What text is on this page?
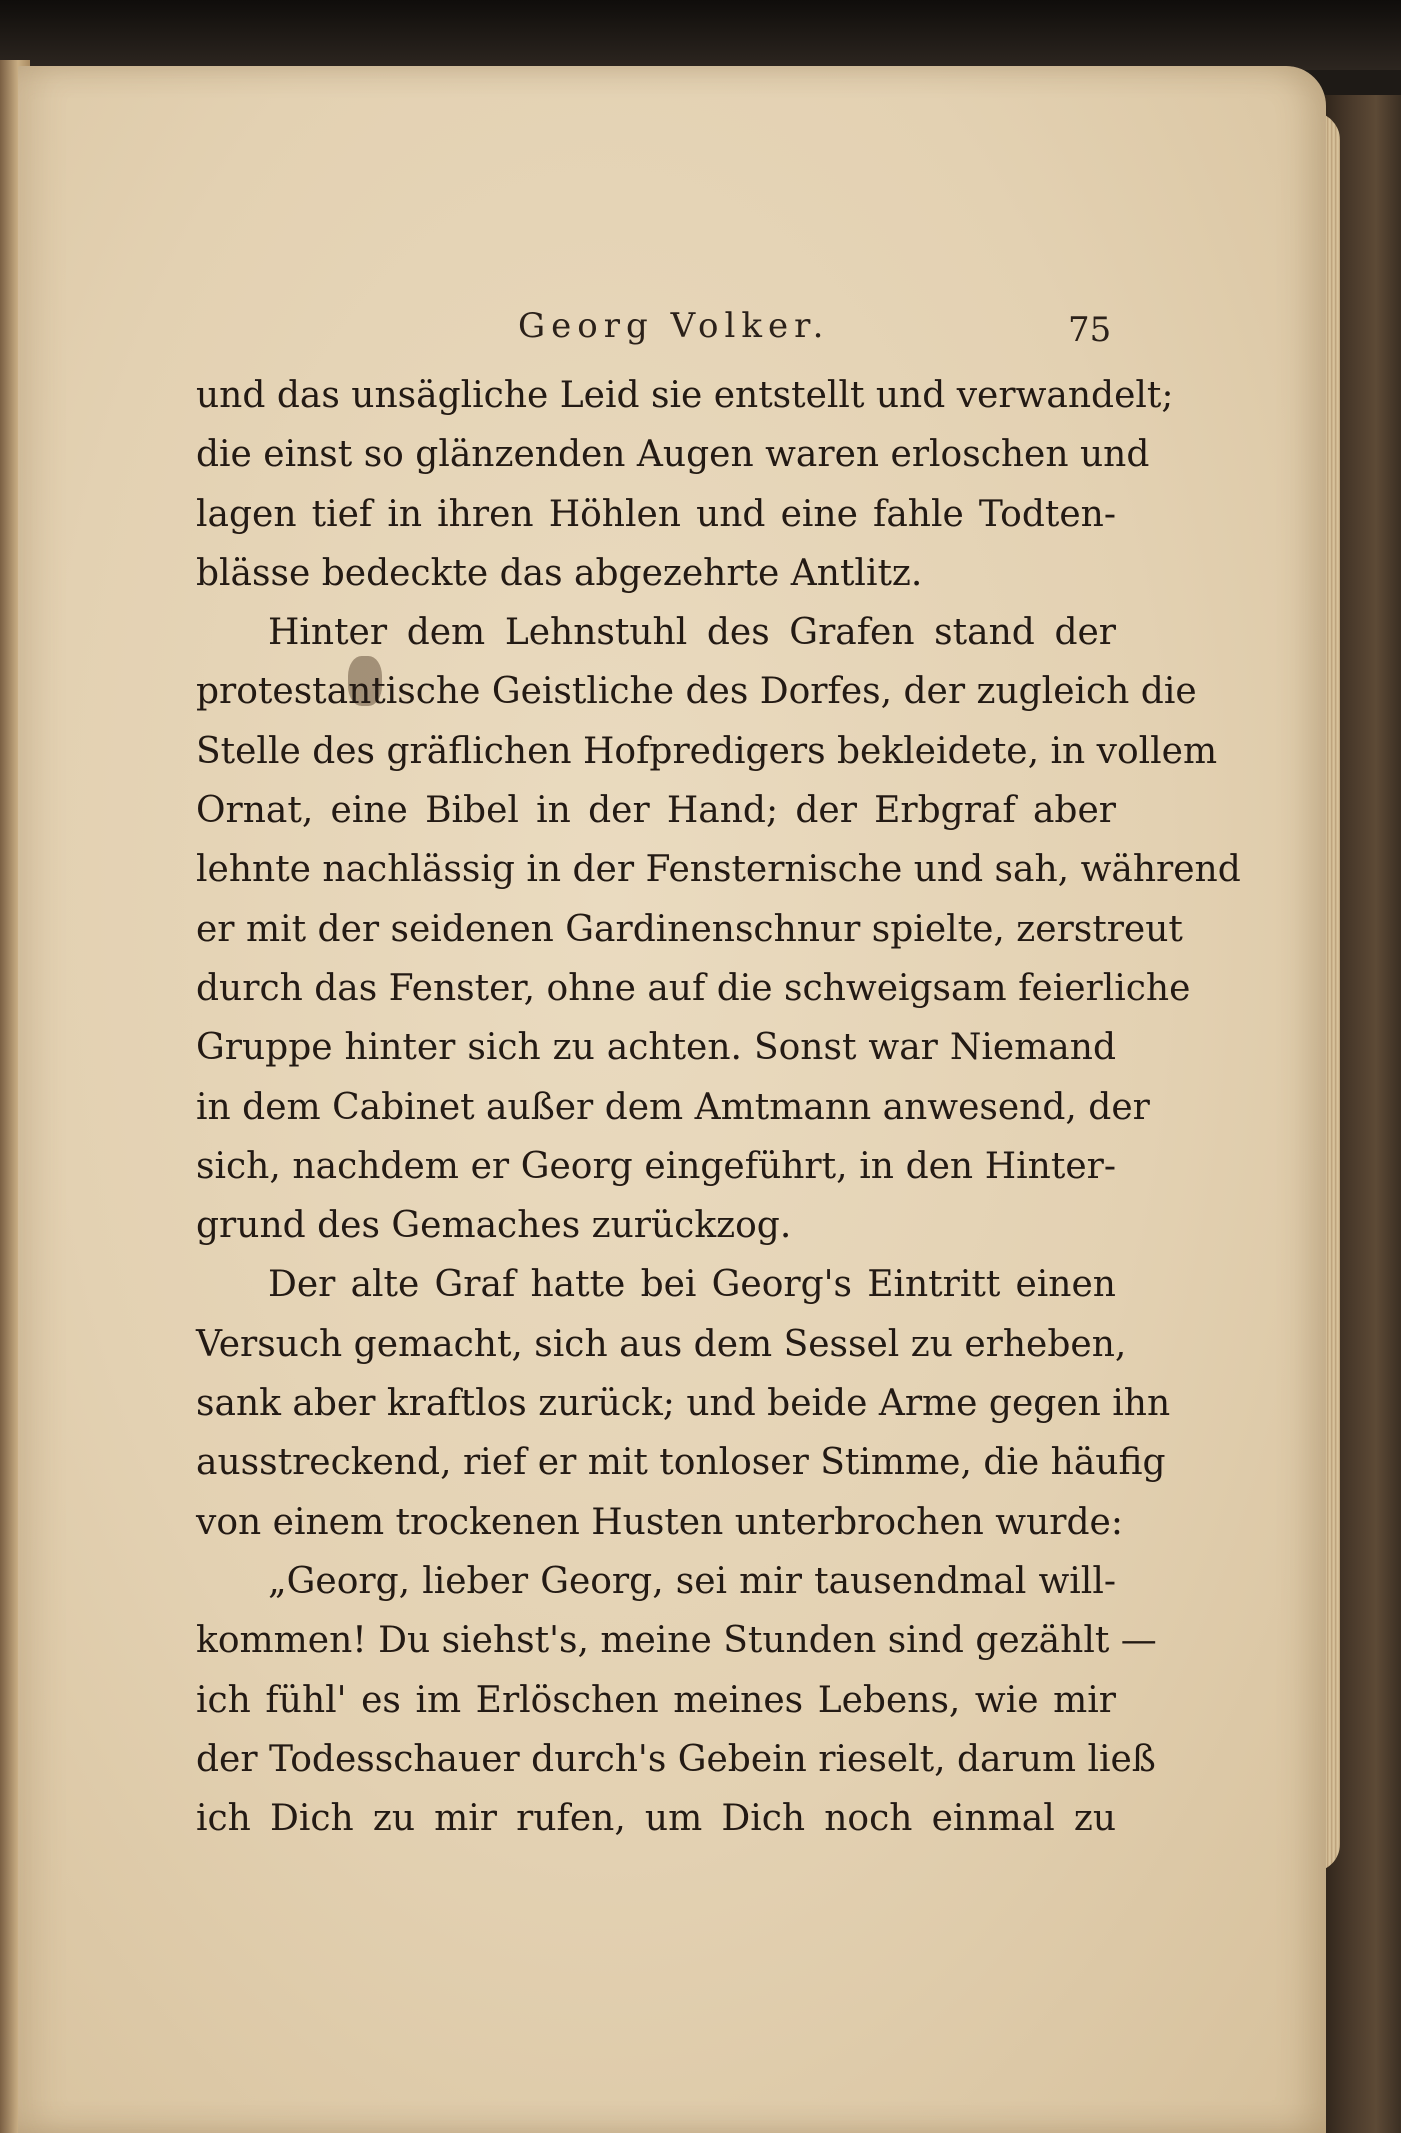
Georg Volker.	75
und das unsägliche Leid sie entstellt und verwandelt;
die einst so glänzenden Augen waren erloschen und
lagen tief in ihren Höhlen und eine fahle Todten-
blässe bedeckte das abgezehrte Antlitz.
Hinter dem Lehnstuhl des Grafen stand der
protestantische Geistliche des Dorfes, der zugleich die
Stelle des gräflichen Hofpredigers bekleidete, in vollem
Ornat, eine Bibel in der Hand; der Erbgraf aber
lehnte nachlässig in der Fensternische und sah, während
er mit der seidenen Gardinenschnur spielte, zerstreut
durch das Fenster, ohne auf die schweigsam feierliche
Gruppe hinter sich zu achten. Sonst war Niemand
in dem Cabinet außer dem Amtmann anwesend, der
sich, nachdem er Georg eingeführt, in den Hinter-
grund des Gemaches zurückzog.
Der alte Graf hatte bei Georg's Eintritt einen
Versuch gemacht, sich aus dem Sessel zu erheben,
sank aber kraftlos zurück; und beide Arme gegen ihn
ausstreckend, rief er mit tonloser Stimme, die häufig
von einem trockenen Husten unterbrochen wurde:
„Georg, lieber Georg, sei mir tausendmal will-
kommen! Du siehst's, meine Stunden sind gezählt —
ich fühl' es im Erlöschen meines Lebens, wie mir
der Todesschauer durch's Gebein rieselt, darum ließ
ich Dich zu mir rufen, um Dich noch einmal zu
